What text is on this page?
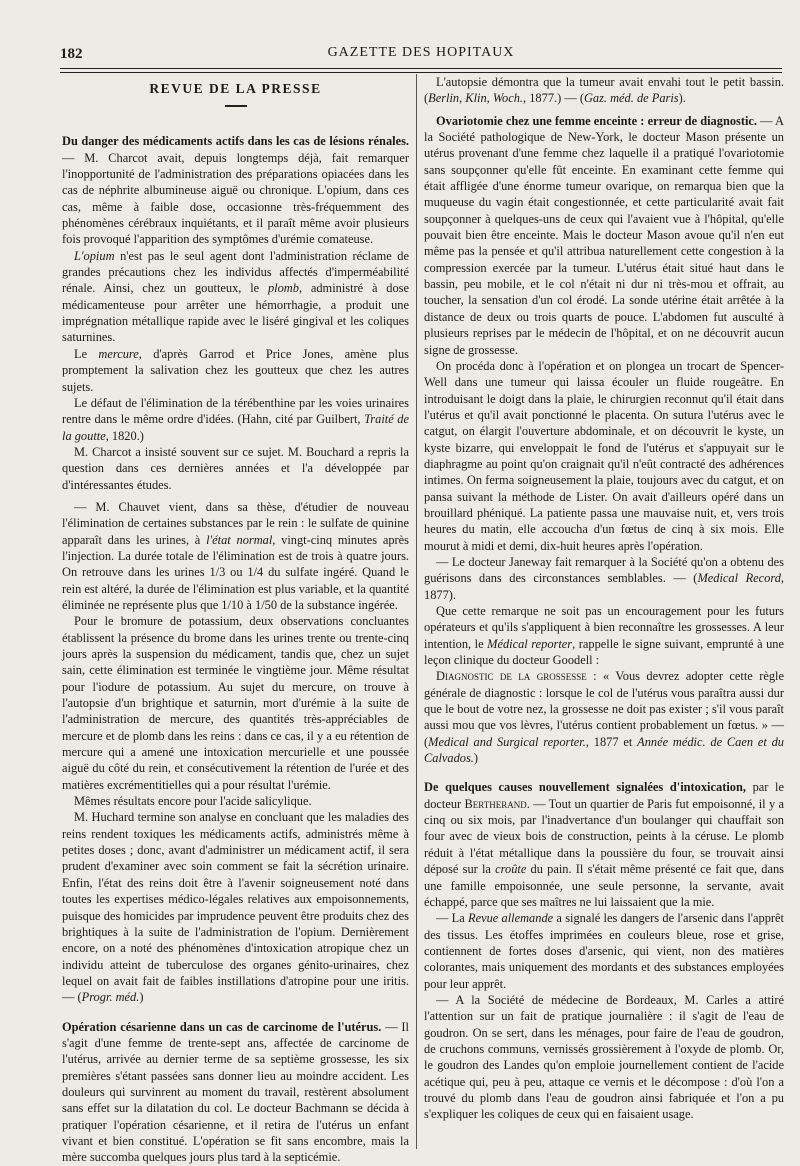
182	GAZETTE DES HOPITAUX
REVUE DE LA PRESSE

Du danger des médicaments actifs dans les cas de lésions rénales. — M. Charcot avait, depuis longtemps déjà, fait remarquer l'inopportunité de l'administration des préparations opiacées dans les cas de néphrite albumineuse aiguë ou chronique. L'opium, dans ces cas, même à faible dose, occasionne très-fréquemment des phénomènes cérébraux inquiétants, et il paraît même avoir plusieurs fois provoqué l'apparition des symptômes d'urémie comateuse.

L'opium n'est pas le seul agent dont l'administration réclame de grandes précautions chez les individus affectés d'imperméabilité rénale. Ainsi, chez un goutteux, le plomb, administré à dose médicamenteuse pour arrêter une hémorrhagie, a produit une imprégnation métallique rapide avec le liséré gingival et les coliques saturnines.

Le mercure, d'après Garrod et Price Jones, amène plus promptement la salivation chez les goutteux que chez les autres sujets.

Le défaut de l'élimination de la térébenthine par les voies urinaires rentre dans le même ordre d'idées. (Hahn, cité par Guilbert, Traité de la goutte, 1820.)

M. Charcot a insisté souvent sur ce sujet. M. Bouchard a repris la question dans ces dernières années et l'a développée par d'intéressantes études.

— M. Chauvet vient, dans sa thèse, d'étudier de nouveau l'élimination de certaines substances par le rein : le sulfate de quinine apparaît dans les urines, à l'état normal, vingt-cinq minutes après l'injection. La durée totale de l'élimination est de trois à quatre jours. On retrouve dans les urines 1/3 ou 1/4 du sulfate ingéré. Quand le rein est altéré, la durée de l'élimination est plus variable, et la quantité éliminée ne représente plus que 1/10 à 1/50 de la substance ingérée.

Pour le bromure de potassium, deux observations concluantes établissent la présence du brome dans les urines trente ou trente-cinq jours après la suspension du médicament, tandis que, chez un sujet sain, cette élimination est terminée le vingtième jour. Même résultat pour l'iodure de potassium. Au sujet du mercure, on trouve à l'autopsie d'un brightique et saturnin, mort d'urémie à la suite de l'administration de mercure, des quantités très-appréciables de mercure et de plomb dans les reins : dans ce cas, il y a eu rétention de mercure qui a amené une intoxication mercurielle et une poussée aiguë du côté du rein, et consécutivement la rétention de l'urée et des matières excrémentitielles qui a pour résultat l'urémie.

Mêmes résultats encore pour l'acide salicylique.

M. Huchard termine son analyse en concluant que les maladies des reins rendent toxiques les médicaments actifs, administrés même à petites doses ; donc, avant d'administrer un médicament actif, il sera prudent d'examiner avec soin comment se fait la sécrétion urinaire. Enfin, l'état des reins doit être à l'avenir soigneusement noté dans toutes les expertises médico-légales relatives aux empoisonnements, puisque des homicides par imprudence peuvent être produits chez des brightiques à la suite de l'administration de l'opium. Dernièrement encore, on a noté des phénomènes d'intoxication atropique chez un individu atteint de tuberculose des organes génito-urinaires, chez lequel on avait fait de faibles instillations d'atropine pour une iritis. — (Progr. méd.)

Opération césarienne dans un cas de carcinome de l'utérus. — Il s'agit d'une femme de trente-sept ans, affectée de carcinome de l'utérus, arrivée au dernier terme de sa septième grossesse, les six premières s'étant passées sans donner lieu au moindre accident. Les douleurs qui survinrent au moment du travail, restèrent absolument sans effet sur la dilatation du col. Le docteur Bachmann se décida à pratiquer l'opération césarienne, et il retira de l'utérus un enfant vivant et bien constitué. L'opération se fit sans encombre, mais la mère succomba quelques jours plus tard à la septicémie.

L'autopsie démontra que la tumeur avait envahi tout le petit bassin. (Berlin, Klin, Woch., 1877.) — (Gaz. méd. de Paris).

Ovariotomie chez une femme enceinte : erreur de diagnostic. — A la Société pathologique de New-York, le docteur Mason présente un utérus provenant d'une femme chez laquelle il a pratiqué l'ovariotomie sans soupçonner qu'elle fût enceinte. En examinant cette femme qui était affligée d'une énorme tumeur ovarique, on remarqua bien que la muqueuse du vagin était congestionnée, et cette particularité avait fait soupçonner à quelques-uns de ceux qui l'avaient vue à l'hôpital, qu'elle pouvait bien être enceinte. Mais le docteur Mason avoue qu'il n'en eut même pas la pensée et qu'il attribua naturellement cette congestion à la compression exercée par la tumeur. L'utérus était situé haut dans le bassin, peu mobile, et le col n'était ni dur ni très-mou et offrait, au toucher, la sensation d'un col érodé. La sonde utérine était arrêtée à la distance de deux ou trois quarts de pouce. L'abdomen fut ausculté à plusieurs reprises par le médecin de l'hôpital, et on ne découvrit aucun signe de grossesse.

On procéda donc à l'opération et on plongea un trocart de Spencer-Well dans une tumeur qui laissa écouler un fluide rougeâtre. En introduisant le doigt dans la plaie, le chirurgien reconnut qu'il était dans l'utérus et qu'il avait ponctionné le placenta. On sutura l'utérus avec le catgut, on élargit l'ouverture abdominale, et on découvrit le kyste, un kyste bizarre, qui enveloppait le fond de l'utérus et s'appuyait sur le diaphragme au point qu'on craignait qu'il n'eût contracté des adhérences intimes. On ferma soigneusement la plaie, toujours avec du catgut, et on pansa suivant la méthode de Lister. On avait d'ailleurs opéré dans un brouillard phéniqué. La patiente passa une mauvaise nuit, et, vers trois heures du matin, elle accoucha d'un fœtus de cinq à six mois. Elle mourut à midi et demi, dix-huit heures après l'opération.

— Le docteur Janeway fait remarquer à la Société qu'on a obtenu des guérisons dans des circonstances semblables. — (Medical Record, 1877).

Que cette remarque ne soit pas un encouragement pour les futurs opérateurs et qu'ils s'appliquent à bien reconnaître les grossesses. A leur intention, le Médical reporter, rappelle le signe suivant, emprunté à une leçon clinique du docteur Goodell :

Diagnostic de la grossesse : « Vous devrez adopter cette règle générale de diagnostic : lorsque le col de l'utérus vous paraîtra aussi dur que le bout de votre nez, la grossesse ne doit pas exister ; s'il vous paraît aussi mou que vos lèvres, l'utérus contient probablement un fœtus. » — (Medical and Surgical reporter., 1877 et Année médic. de Caen et du Calvados.)

De quelques causes nouvellement signalées d'intoxication, par le docteur Bertherand. — Tout un quartier de Paris fut empoisonné, il y a cinq ou six mois, par l'inadvertance d'un boulanger qui chauffait son four avec de vieux bois de construction, peints à la céruse. Le plomb réduit à l'état métallique dans la poussière du four, se trouvait ainsi déposé sur la croûte du pain. Il s'était même présenté ce fait que, dans une famille empoisonnée, une seule personne, la servante, avait échappé, parce que ses maîtres ne lui laissaient que la mie.

— La Revue allemande a signalé les dangers de l'arsenic dans l'apprêt des tissus. Les étoffes imprimées en couleurs bleue, rose et grise, contiennent de fortes doses d'arsenic, qui vient, non des matières colorantes, mais uniquement des mordants et des substances employées pour leur apprêt.

— A la Société de médecine de Bordeaux, M. Carles a attiré l'attention sur un fait de pratique journalière : il s'agit de l'eau de goudron. On se sert, dans les ménages, pour faire de l'eau de goudron, de cruchons communs, vernissés grossièrement à l'oxyde de plomb. Or, le goudron des Landes qu'on emploie journellement contient de l'acide acétique qui, peu à peu, attaque ce vernis et le décompose : d'où l'on a trouvé du plomb dans l'eau de goudron ainsi fabriquée et l'on a pu s'expliquer les coliques de ceux qui en faisaient usage.
